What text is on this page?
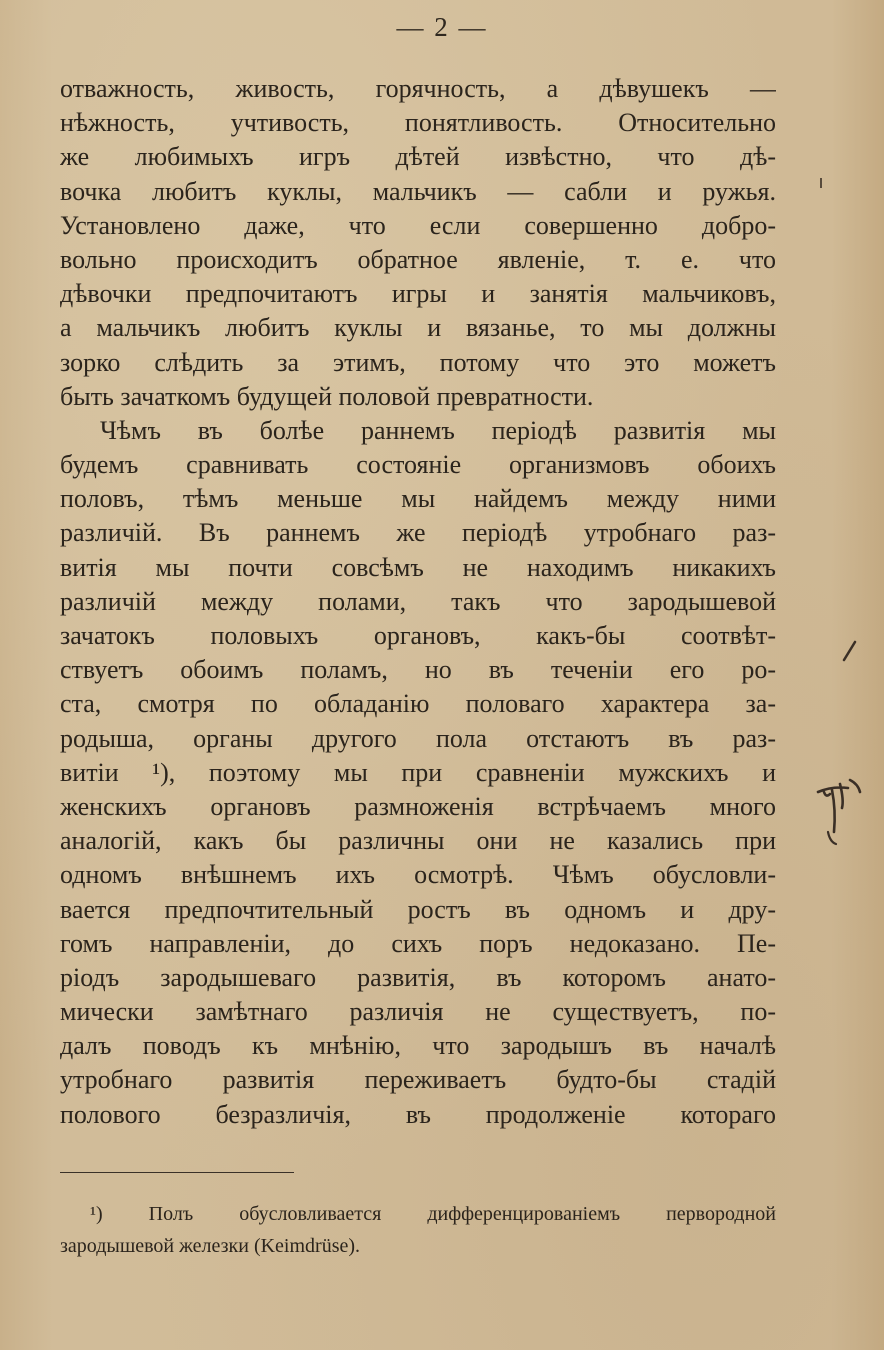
— 2 —
отважность, живость, горячность, а дѣвушекъ —
нѣжность, учтивость, понятливость. Относительно
же любимыхъ игръ дѣтей извѣстно, что дѣ-
вочка любитъ куклы, мальчикъ — сабли и ружья.
Установлено даже, что если совершенно добро-
вольно происходитъ обратное явленіе, т. е. что
дѣвочки предпочитаютъ игры и занятія мальчиковъ,
а мальчикъ любитъ куклы и вязанье, то мы должны
зорко слѣдить за этимъ, потому что это можетъ
быть зачаткомъ будущей половой превратности.
Чѣмъ въ болѣе раннемъ періодѣ развитія мы
будемъ сравнивать состояніе организмовъ обоихъ
половъ, тѣмъ меньше мы найдемъ между ними
различій. Въ раннемъ же періодѣ утробнаго раз-
витія мы почти совсѣмъ не находимъ никакихъ
различій между полами, такъ что зародышевой
зачатокъ половыхъ органовъ, какъ-бы соотвѣт-
ствуетъ обоимъ поламъ, но въ теченіи его ро-
ста, смотря по обладанію половаго характера за-
родыша, органы другого пола отстаютъ въ раз-
витіи ¹), поэтому мы при сравненіи мужскихъ и
женскихъ органовъ размноженія встрѣчаемъ много
аналогій, какъ бы различны они не казались при
одномъ внѣшнемъ ихъ осмотрѣ. Чѣмъ обусловли-
вается предпочтительный ростъ въ одномъ и дру-
гомъ направленіи, до сихъ поръ недоказано. Пе-
ріодъ зародышеваго развитія, въ которомъ анато-
мически замѣтнаго различія не существуетъ, по-
далъ поводъ къ мнѣнію, что зародышъ въ началѣ
утробнаго развитія переживаетъ будто-бы стадій
полового безразличія, въ продолженіе котораго
¹) Полъ обусловливается дифференцированіемъ первородной
зародышевой железки (Keimdrüse).
